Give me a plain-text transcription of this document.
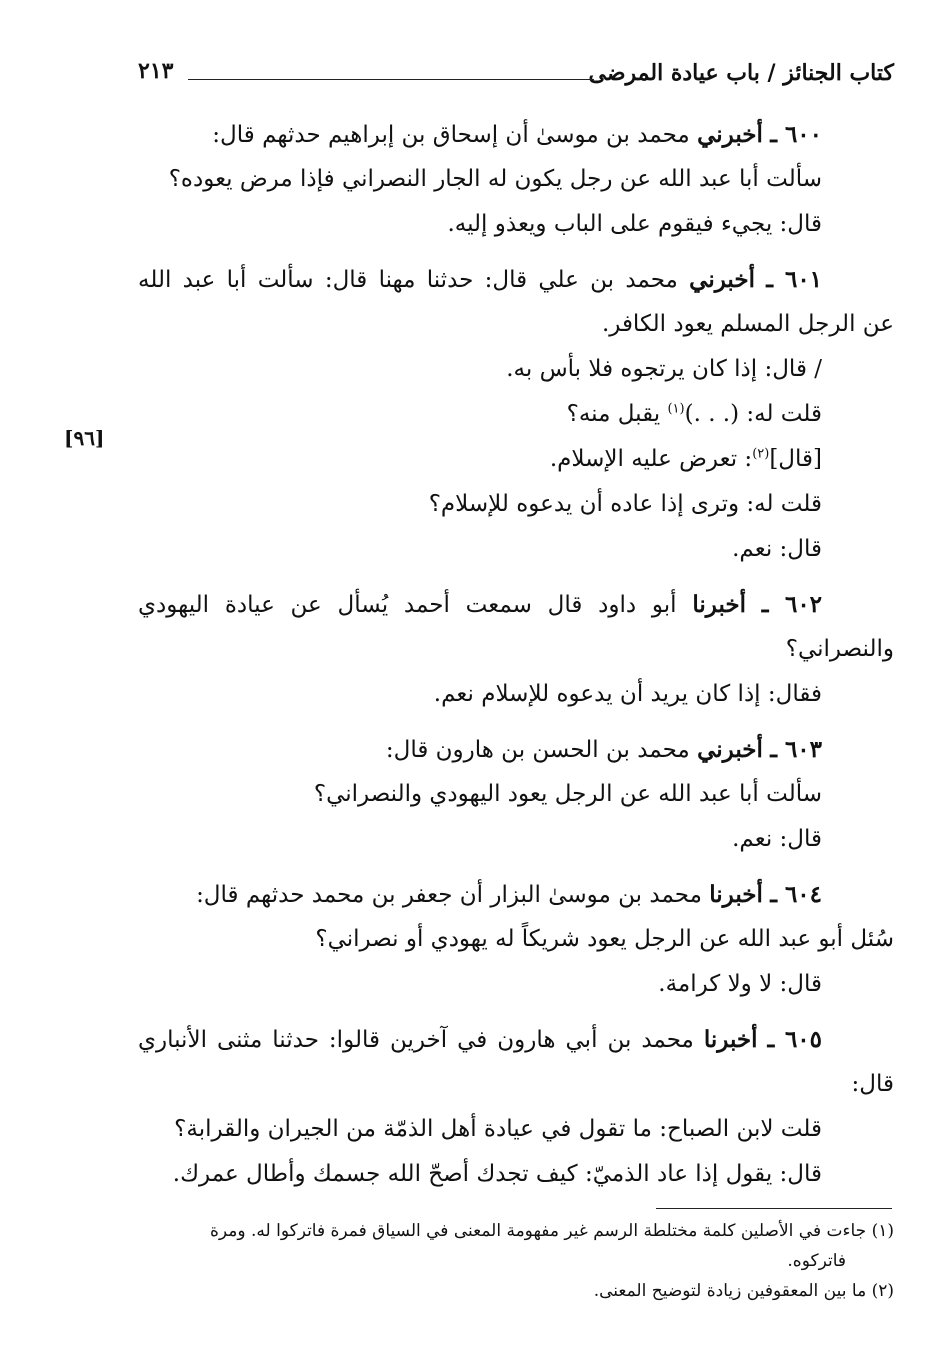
كتاب الجنائز / باب عيادة المرضى
٢١٣
[٩٦]
٦٠٠ ـ أخبرني محمد بن موسىٰ أن إسحاق بن إبراهيم حدثهم قال:
سألت أبا عبد الله عن رجل يكون له الجار النصراني فإذا مرض يعوده؟
قال: يجيء فيقوم على الباب ويعذو إليه.
٦٠١ ـ أخبرني محمد بن علي قال: حدثنا مهنا قال: سألت أبا عبد الله
عن الرجل المسلم يعود الكافر.
/ قال: إذا كان يرتجوه فلا بأس به.
قلت له: (. . .)$^{(١)}$ يقبل منه؟
[قال]$^{(٢)}$: تعرض عليه الإسلام.
قلت له: وترى إذا عاده أن يدعوه للإسلام؟
قال: نعم.
٦٠٢ ـ أخبرنا أبو داود قال سمعت أحمد يُسأل عن عيادة اليهودي
والنصراني؟
فقال: إذا كان يريد أن يدعوه للإسلام نعم.
٦٠٣ ـ أخبرني محمد بن الحسن بن هارون قال:
سألت أبا عبد الله عن الرجل يعود اليهودي والنصراني؟
قال: نعم.
٦٠٤ ـ أخبرنا محمد بن موسىٰ البزار أن جعفر بن محمد حدثهم قال:
سُئل أبو عبد الله عن الرجل يعود شريكاً له يهودي أو نصراني؟
قال: لا ولا كرامة.
٦٠٥ ـ أخبرنا محمد بن أبي هارون في آخرين قالوا: حدثنا مثنى الأنباري
قال:
قلت لابن الصباح: ما تقول في عيادة أهل الذمّة من الجيران والقرابة؟
قال: يقول إذا عاد الذميّ: كيف تجدك أصحّ الله جسمك وأطال عمرك.
(١) جاءت في الأصلين كلمة مختلطة الرسم غير مفهومة المعنى في السياق فمرة فاتركوا له. ومرة
فاتركوه.
(٢) ما بين المعقوفين زيادة لتوضيح المعنى.
